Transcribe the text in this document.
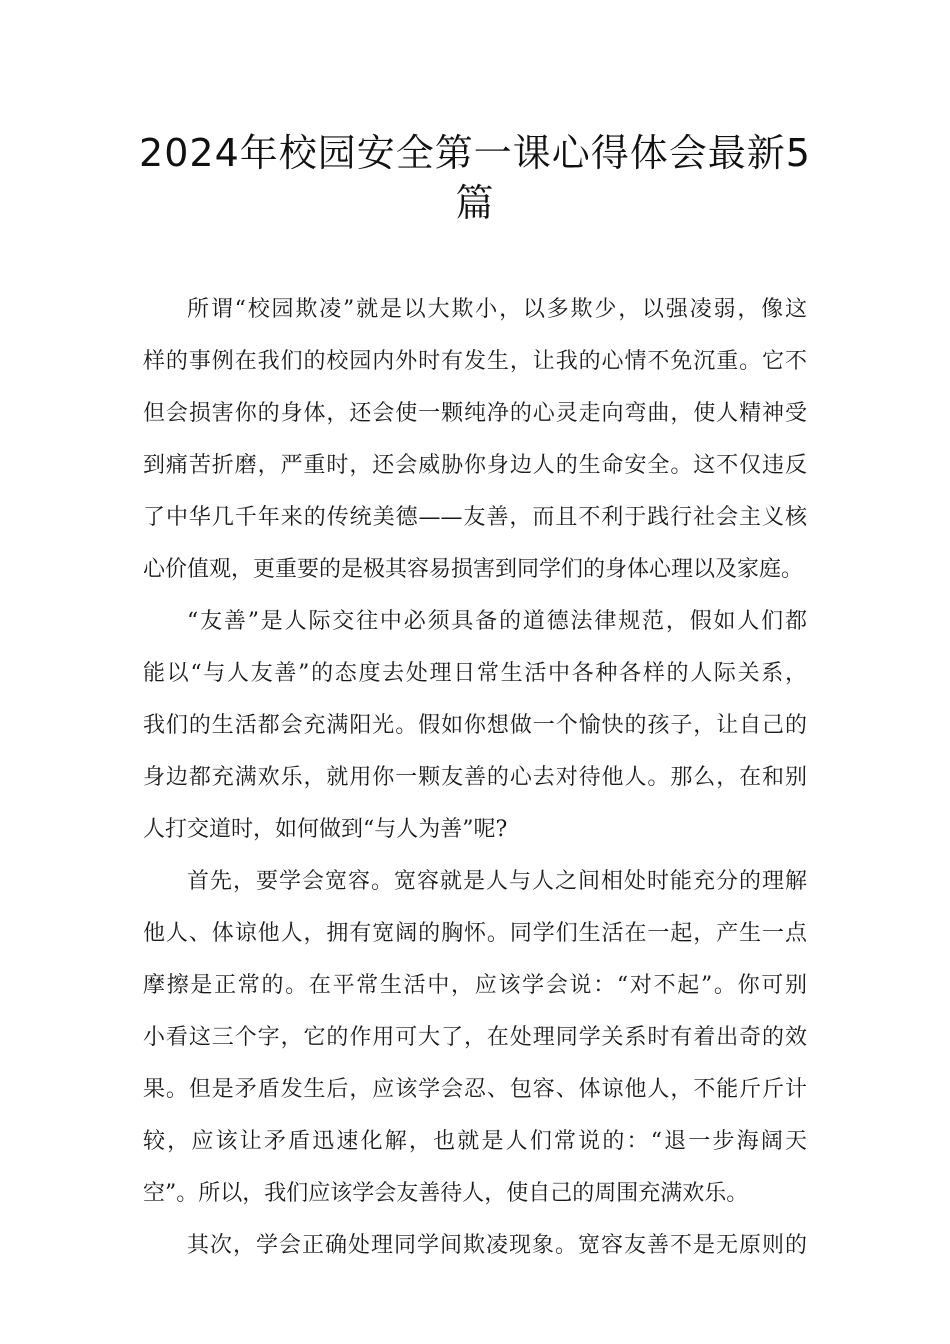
2024年校园安全第一课心得体会最新5
篇
所谓“校园欺凌”就是以大欺小，以多欺少，以强凌弱，像这
样的事例在我们的校园内外时有发生，让我的心情不免沉重。它不
但会损害你的身体，还会使一颗纯净的心灵走向弯曲，使人精神受
到痛苦折磨，严重时，还会威胁你身边人的生命安全。这不仅违反
了中华几千年来的传统美德——友善，而且不利于践行社会主义核
心价值观，更重要的是极其容易损害到同学们的身体心理以及家庭。
“友善”是人际交往中必须具备的道德法律规范，假如人们都
能以“与人友善”的态度去处理日常生活中各种各样的人际关系，
我们的生活都会充满阳光。假如你想做一个愉快的孩子，让自己的
身边都充满欢乐，就用你一颗友善的心去对待他人。那么，在和别
人打交道时，如何做到“与人为善”呢?
首先，要学会宽容。宽容就是人与人之间相处时能充分的理解
他人、体谅他人，拥有宽阔的胸怀。同学们生活在一起，产生一点
摩擦是正常的。在平常生活中，应该学会说：“对不起”。你可别
小看这三个字，它的作用可大了，在处理同学关系时有着出奇的效
果。但是矛盾发生后，应该学会忍、包容、体谅他人，不能斤斤计
较，应该让矛盾迅速化解，也就是人们常说的：“退一步海阔天
空”。所以，我们应该学会友善待人，使自己的周围充满欢乐。
其次，学会正确处理同学间欺凌现象。宽容友善不是无原则的
